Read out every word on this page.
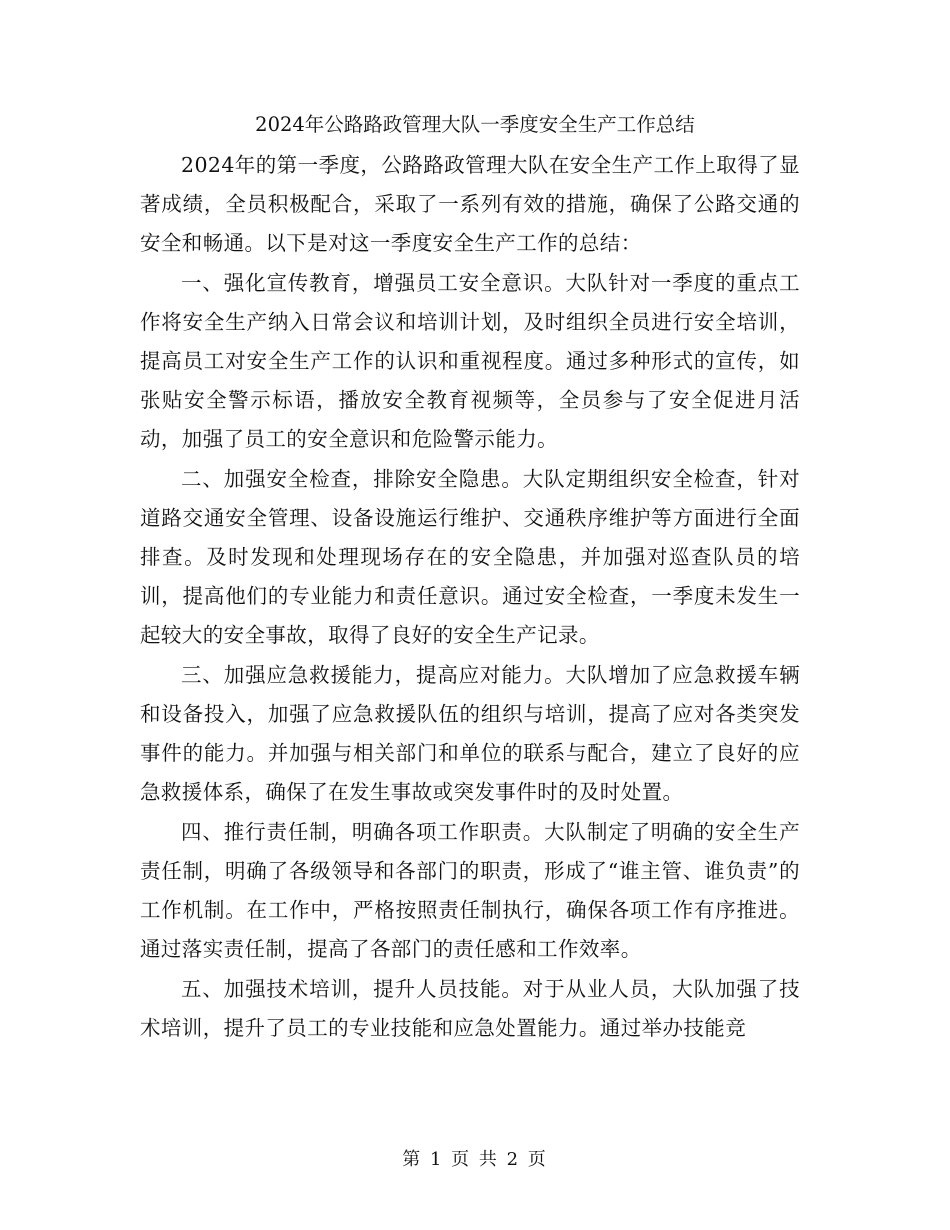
2024年公路路政管理大队一季度安全生产工作总结

2024年的第一季度，公路路政管理大队在安全生产工作上取得了显著成绩，全员积极配合，采取了一系列有效的措施，确保了公路交通的安全和畅通。以下是对这一季度安全生产工作的总结：

一、强化宣传教育，增强员工安全意识。大队针对一季度的重点工作将安全生产纳入日常会议和培训计划，及时组织全员进行安全培训，提高员工对安全生产工作的认识和重视程度。通过多种形式的宣传，如张贴安全警示标语，播放安全教育视频等，全员参与了安全促进月活动，加强了员工的安全意识和危险警示能力。

二、加强安全检查，排除安全隐患。大队定期组织安全检查，针对道路交通安全管理、设备设施运行维护、交通秩序维护等方面进行全面排查。及时发现和处理现场存在的安全隐患，并加强对巡查队员的培训，提高他们的专业能力和责任意识。通过安全检查，一季度未发生一起较大的安全事故，取得了良好的安全生产记录。

三、加强应急救援能力，提高应对能力。大队增加了应急救援车辆和设备投入，加强了应急救援队伍的组织与培训，提高了应对各类突发事件的能力。并加强与相关部门和单位的联系与配合，建立了良好的应急救援体系，确保了在发生事故或突发事件时的及时处置。

四、推行责任制，明确各项工作职责。大队制定了明确的安全生产责任制，明确了各级领导和各部门的职责，形成了“谁主管、谁负责”的工作机制。在工作中，严格按照责任制执行，确保各项工作有序推进。通过落实责任制，提高了各部门的责任感和工作效率。

五、加强技术培训，提升人员技能。对于从业人员，大队加强了技术培训，提升了员工的专业技能和应急处置能力。通过举办技能竞

第 1 页 共 2 页
